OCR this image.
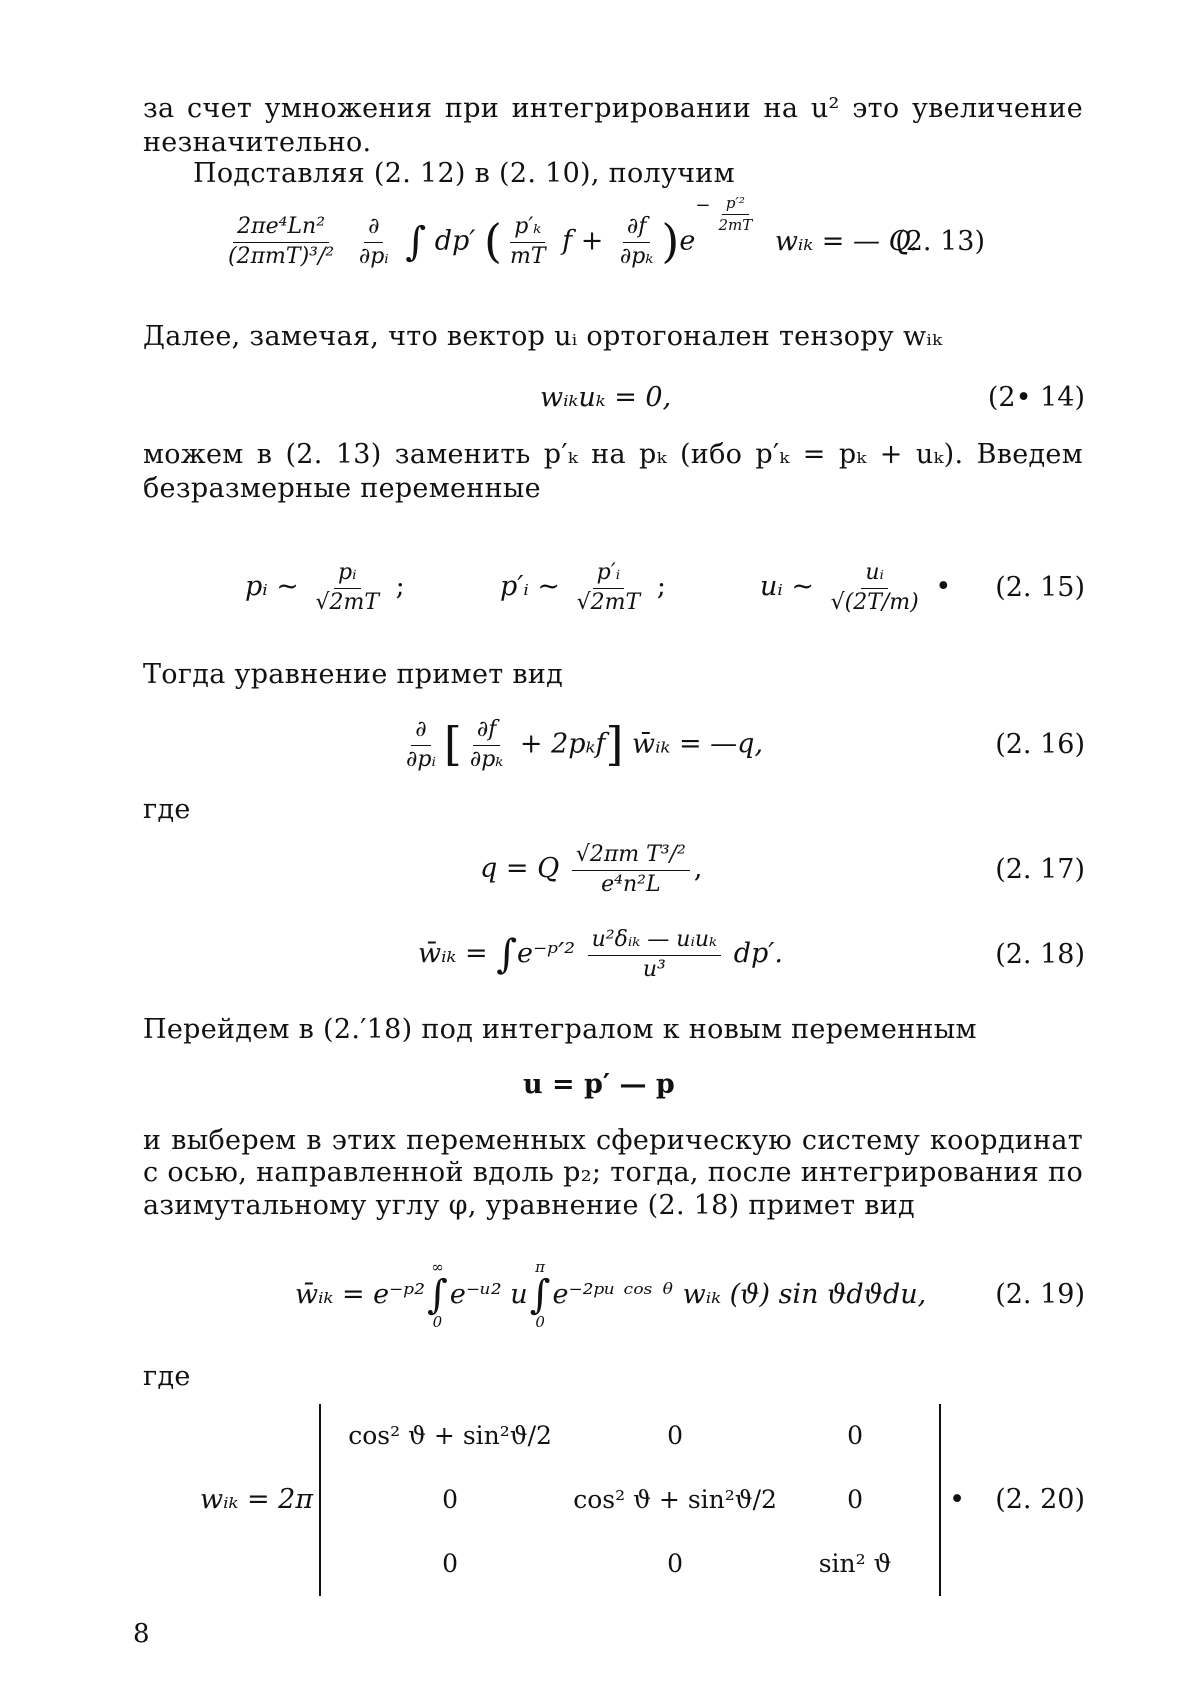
за счет умножения при интегрировании на u² это увеличение незначительно.

Подставляя (2. 12) в (2. 10), получим

$\frac{\text{2πe⁴Ln²}}{\text{(2πmT)³/²}}$
$\frac{\partial}{\text{∂pᵢ}}$ ∫ dp′ ( $\frac{\text{p′ₖ}}{mT}$ $f + \frac{\partial f}{\text{∂pₖ}} )e$
− $\frac{\text{p′²}}{2mT}$
wᵢₖ = — Q.
(2. 13)

Далее, замечая, что вектор uᵢ ортогонален тензору wᵢₖ

wᵢₖuₖ = 0,	(2• 14)

можем в (2. 13) заменить p′ₖ на pₖ (ибо p′ₖ = pₖ + uₖ). Введем безразмерные переменные

pᵢ ~ $\frac{\text{pᵢ}}{√2mT}$ ;	p′ᵢ ~ $\frac{\text{p′ᵢ}}{√2mT}$ ;	uᵢ ~ $\frac{\text{uᵢ}}{√(2T/m)}$ • (2. 15)

Тогда уравнение примет вид

$\frac{\partial}{\text{∂pᵢ}}$ [ $\frac{\partial f}{\text{∂pₖ}} + 2p_kf$] w̄ᵢₖ = —q,	(2. 16)

где

q = Q $\frac{\text{√2πm T³/²}}{\text{e⁴n²L}}$ ,	(2. 17)
w̄ᵢₖ = ∫e⁻ᵖ′² $\frac{\text{u²δᵢₖ — uᵢuₖ}}{\text{u³}} dp'$.	(2. 18)

Перейдем в (2.′18) под интегралом к новым переменным

u = p′ — p

и выберем в этих переменных сферическую систему координат с осью, направленной вдоль p₂; тогда, после интегрирования по азимутальному углу φ, уравнение (2. 18) примет вид

w̄ᵢₖ = e⁻ᵖ²
∞
∫
0
e⁻ᵘ² u
π
∫
0
e⁻²ᵖᵘ ᶜᵒˢ ᶿ wᵢₖ (ϑ) sin ϑdϑdu,	(2. 19)

где

wᵢₖ = 2π
cos² ϑ + sin²ϑ/2	0	0
0	cos² ϑ + sin²ϑ/2	0
0	0	sin² ϑ
• (2. 20)
8
